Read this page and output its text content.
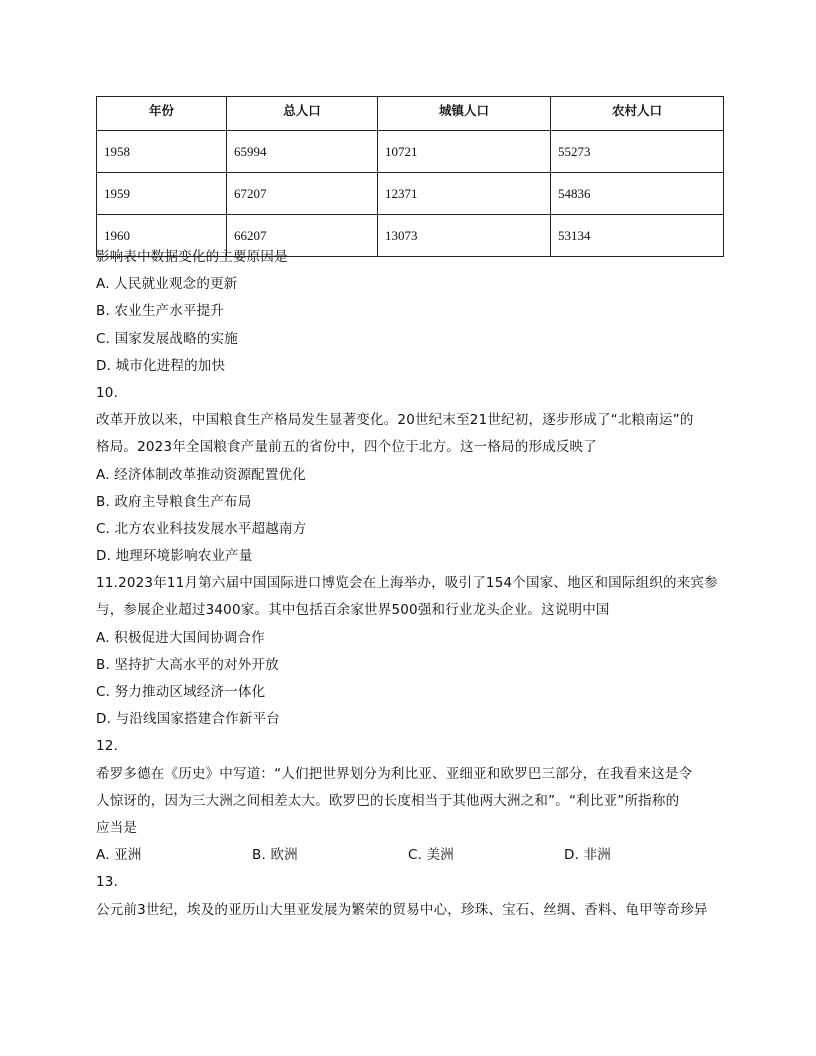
年份	总人口	城镇人口	农村人口
1958	65994	10721	55273
1959	67207	12371	54836
1960	66207	13073	53134
影响表中数据变化的主要原因是
A. 人民就业观念的更新
B. 农业生产水平提升
C. 国家发展战略的实施
D. 城市化进程的加快
10.
改革开放以来，中国粮食生产格局发生显著变化。20世纪末至21世纪初，逐步形成了“北粮南运”的
格局。2023年全国粮食产量前五的省份中，四个位于北方。这一格局的形成反映了
A. 经济体制改革推动资源配置优化
B. 政府主导粮食生产布局
C. 北方农业科技发展水平超越南方
D. 地理环境影响农业产量
11.2023年11月第六届中国国际进口博览会在上海举办，吸引了154个国家、地区和国际组织的来宾参
与，参展企业超过3400家。其中包括百余家世界500强和行业龙头企业。这说明中国
A. 积极促进大国间协调合作
B. 坚持扩大高水平的对外开放
C. 努力推动区域经济一体化
D. 与沿线国家搭建合作新平台
12.
希罗多德在《历史》中写道：“人们把世界划分为利比亚、亚细亚和欧罗巴三部分，在我看来这是令
人惊讶的，因为三大洲之间相差太大。欧罗巴的长度相当于其他两大洲之和”。“利比亚”所指称的
应当是
A. 亚洲	B. 欧洲	C. 美洲	D. 非洲
13.
公元前3世纪，埃及的亚历山大里亚发展为繁荣的贸易中心，珍珠、宝石、丝绸、香料、龟甲等奇珍异
